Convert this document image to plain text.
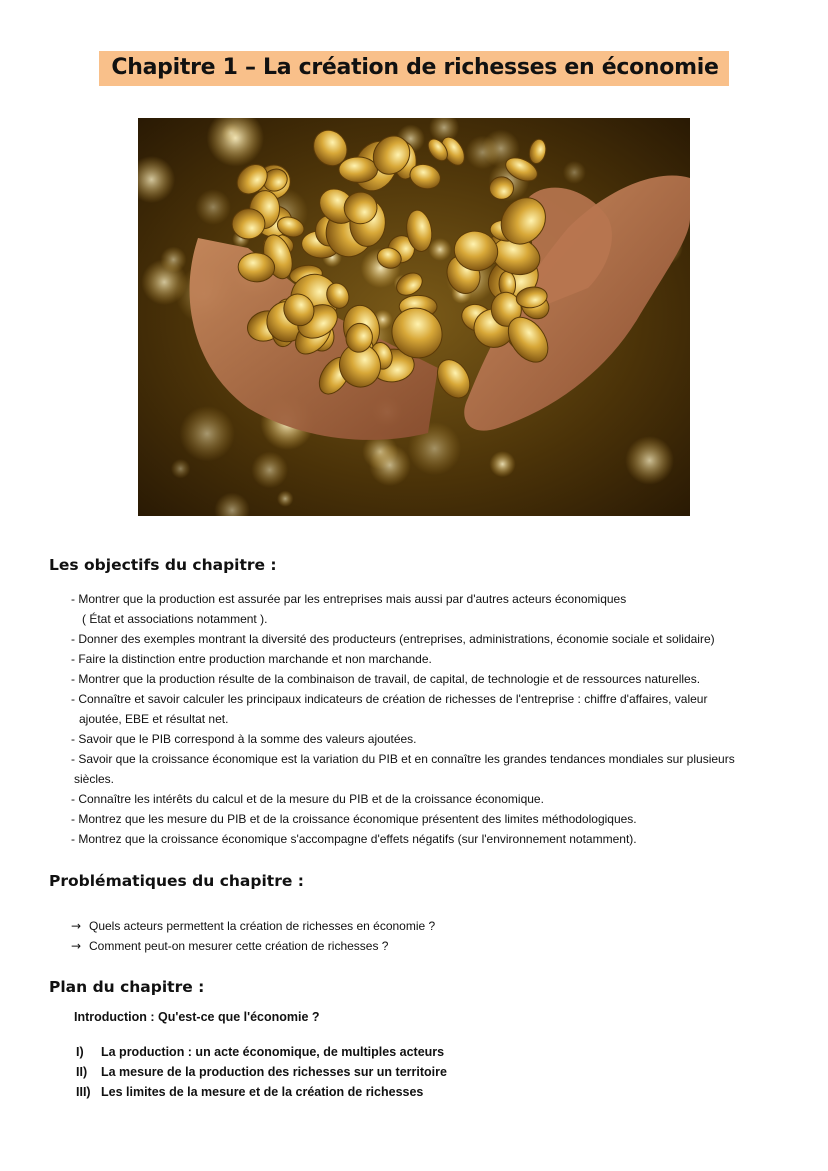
Chapitre 1 – La création de richesses en économie
Les objectifs du chapitre :
- Montrer que la production est assurée par les entreprises mais aussi par d'autres acteurs économiques
( État et associations notamment ).
- Donner des exemples montrant la diversité des producteurs (entreprises, administrations, économie sociale et solidaire)
- Faire la distinction entre production marchande et non marchande.
- Montrer que la production résulte de la combinaison de travail, de capital, de technologie et de ressources naturelles.
- Connaître et savoir calculer les principaux indicateurs de création de richesses de l'entreprise : chiffre d'affaires, valeur
ajoutée, EBE et résultat net.
- Savoir que le PIB correspond à la somme des valeurs ajoutées.
- Savoir que la croissance économique est la variation du PIB et en connaître les grandes tendances mondiales sur plusieurs
siècles.
- Connaître les intérêts du calcul et de la mesure du PIB et de la croissance économique.
- Montrez que les mesure du PIB et de la croissance économique présentent des limites méthodologiques.
- Montrez que la croissance économique s'accompagne d'effets négatifs (sur l'environnement notamment).
Problématiques du chapitre :
→ Quels acteurs permettent la création de richesses en économie ?
→ Comment peut-on mesurer cette création de richesses ?
Plan du chapitre :
Introduction : Qu'est-ce que l'économie ?
I) La production : un acte économique, de multiples acteurs
II) La mesure de la production des richesses sur un territoire
III) Les limites de la mesure et de la création de richesses
